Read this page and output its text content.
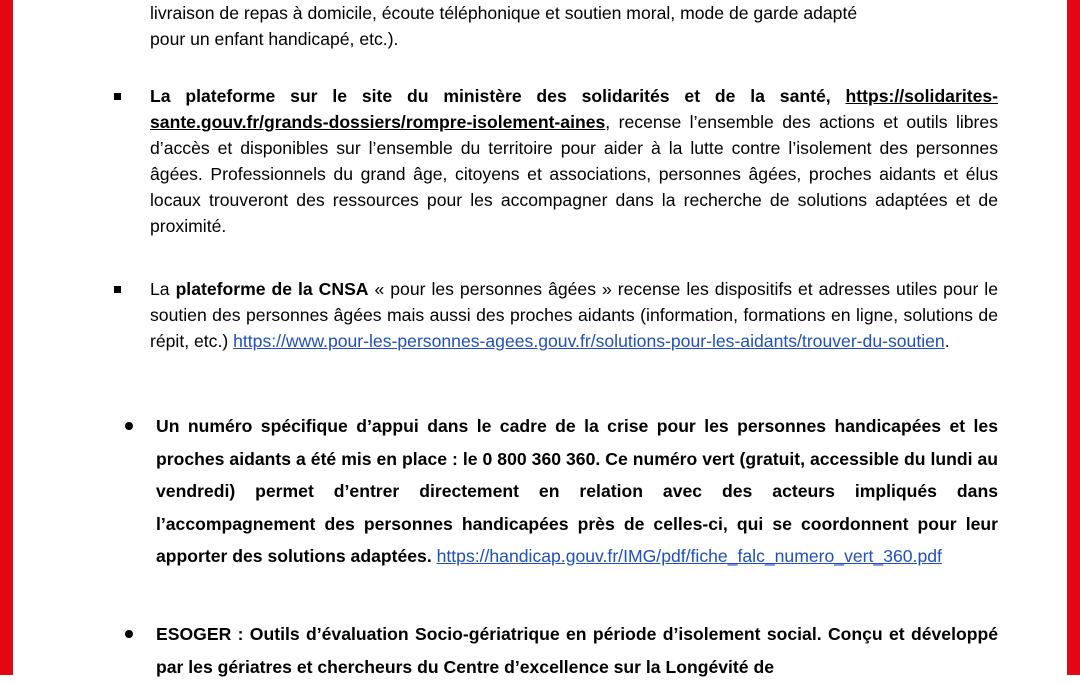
livraison de repas à domicile, écoute téléphonique et soutien moral, mode de garde adapté

pour un enfant handicapé, etc.).

La plateforme sur le site du ministère des solidarités et de la santé, https://solidarites-sante.gouv.fr/grands-dossiers/rompre-isolement-aines, recense l’ensemble des actions et outils libres d’accès et disponibles sur l’ensemble du territoire pour aider à la lutte contre l’isolement des personnes âgées. Professionnels du grand âge, citoyens et associations, personnes âgées, proches aidants et élus locaux trouveront des ressources pour les accompagner dans la recherche de solutions adaptées et de proximité.

La plateforme de la CNSA « pour les personnes âgées » recense les dispositifs et adresses utiles pour le soutien des personnes âgées mais aussi des proches aidants (information, formations en ligne, solutions de répit, etc.) https://www.pour-les-personnes-agees.gouv.fr/solutions-pour-les-aidants/trouver-du-soutien.

Un numéro spécifique d’appui dans le cadre de la crise pour les personnes handicapées et les proches aidants a été mis en place : le 0 800 360 360. Ce numéro vert (gratuit, accessible du lundi au vendredi) permet d’entrer directement en relation avec des acteurs impliqués dans l’accompagnement des personnes handicapées près de celles-ci, qui se coordonnent pour leur apporter des solutions adaptées. https://handicap.gouv.fr/IMG/pdf/fiche_falc_numero_vert_360.pdf

ESOGER : Outils d’évaluation Socio-gériatrique en période d’isolement social. Conçu et développé par les gériatres et chercheurs du Centre d’excellence sur la Longévité de
